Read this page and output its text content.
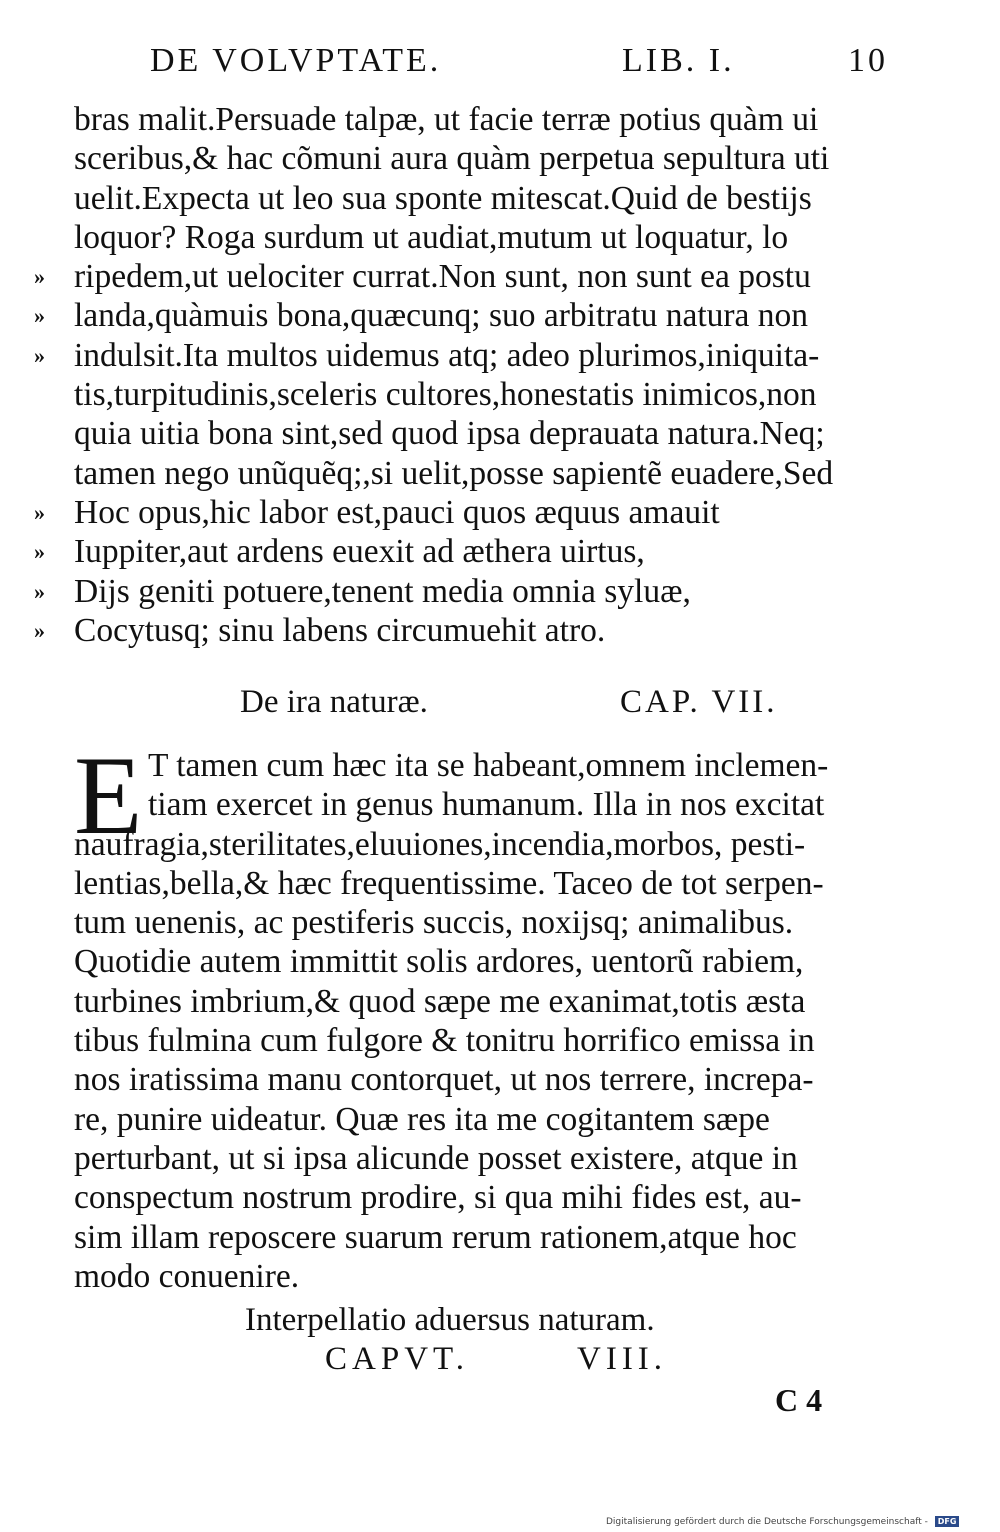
DE VOLVPTATE.	LIB. I.	10
bras malit.Persuade talpæ, ut facie terræ potius quàm ui
sceribus,& hac cõmuni aura quàm perpetua sepultura uti
uelit.Expecta ut leo sua sponte mitescat.Quid de bestijs
loquor? Roga surdum ut audiat,mutum ut loquatur, lo
» ripedem,ut uelociter currat.Non sunt, non sunt ea postu
» landa,quàmuis bona,quæcunq; suo arbitratu natura non
» indulsit.Ita multos uidemus atq; adeo plurimos,iniquita-
tis,turpitudinis,sceleris cultores,honestatis inimicos,non
quia uitia bona sint,sed quod ipsa deprauata natura.Neq;
tamen nego unũquẽq;,si uelit,posse sapientẽ euadere,Sed
» Hoc opus,hic labor est,pauci quos æquus amauit
» Iuppiter,aut ardens euexit ad æthera uirtus,
» Dijs geniti potuere,tenent media omnia syluæ,
» Cocytusq; sinu labens circumuehit atro.
De ira naturæ.	CAP. VII.
E T tamen cum hæc ita se habeant,omnem inclemen-
tiam exercet in genus humanum. Illa in nos excitat
naufragia,sterilitates,eluuiones,incendia,morbos, pesti-
lentias,bella,& hæc frequentissime. Taceo de tot serpen-
tum uenenis, ac pestiferis succis, noxijsq; animalibus.
Quotidie autem immittit solis ardores, uentorũ rabiem,
turbines imbrium,& quod sæpe me exanimat,totis æsta
tibus fulmina cum fulgore & tonitru horrifico emissa in
nos iratissima manu contorquet, ut nos terrere, increpa-
re, punire uideatur. Quæ res ita me cogitantem sæpe
perturbant, ut si ipsa alicunde posset existere, atque in
conspectum nostrum prodire, si qua mihi fides est, au-
sim illam reposcere suarum rerum rationem,atque hoc
modo conuenire.
Interpellatio aduersus naturam.
CAPVT.	VIII.
C 4
Digitalisierung gefördert durch die Deutsche Forschungsgemeinschaft - DFG
